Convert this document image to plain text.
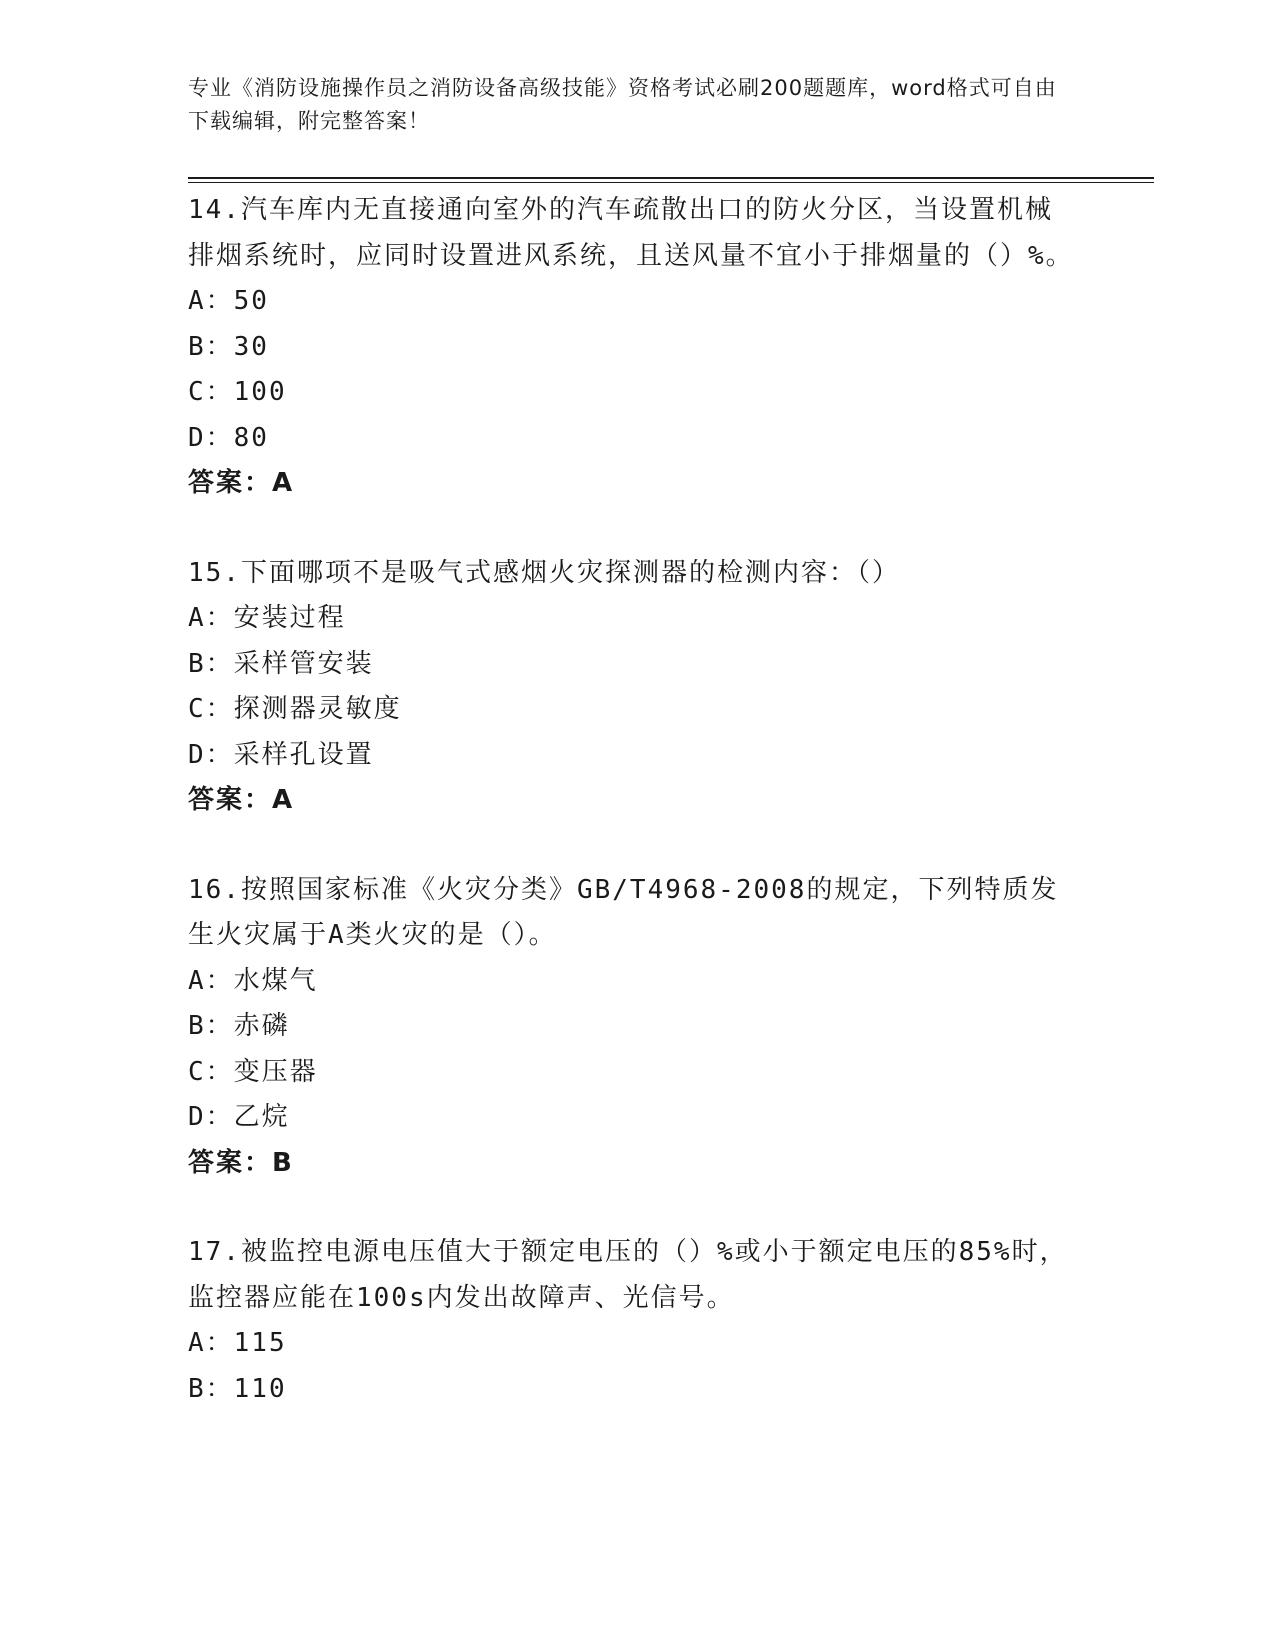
专业《消防设施操作员之消防设备高级技能》资格考试必刷200题题库，word格式可自由下载编辑，附完整答案！
14.汽车库内无直接通向室外的汽车疏散出口的防火分区，当设置机械排烟系统时，应同时设置进风系统，且送风量不宜小于排烟量的（）%。
A：50
B：30
C：100
D：80
答案：A
15.下面哪项不是吸气式感烟火灾探测器的检测内容：（）
A：安装过程
B：采样管安装
C：探测器灵敏度
D：采样孔设置
答案：A
16.按照国家标准《火灾分类》GB/T4968-2008的规定，下列特质发生火灾属于A类火灾的是（）。
A：水煤气
B：赤磷
C：变压器
D：乙烷
答案：B
17.被监控电源电压值大于额定电压的（）%或小于额定电压的85%时，监控器应能在100s内发出故障声、光信号。
A：115
B：110
